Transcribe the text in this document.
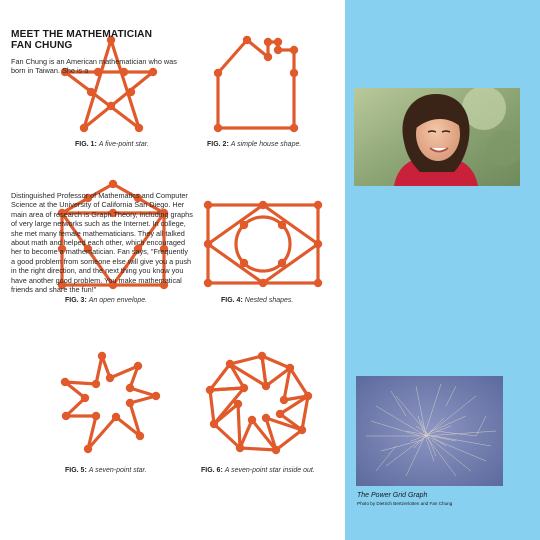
FIG. 1: A five-point star.	FIG. 2: A simple house shape.
FIG. 3: An open envelope.	FIG. 4: Nested shapes.
FIG. 5: A seven-point star.	FIG. 6: A seven-point star inside out.
MEET THE MATHEMATICIAN
FAN CHUNG
Fan Chung is an American mathematician who was born in Taiwan. She is a
Distinguished Professor of Mathematics and Computer Science at the University of California San Diego. Her main area of research is Graph Theory, including graphs of very large networks such as the Internet. In college, she met many female mathematicians. They all talked about math and helped each other, which encouraged her to become a mathematician. Fan says, "Frequently a good problem from someone else will give you a push in the right direction, and the next thing you know you have another good problem. You make mathematical friends and share the fun!"
The Power Grid Graph
Photo by Dietrich Bertzerlotten and Fan Chung
